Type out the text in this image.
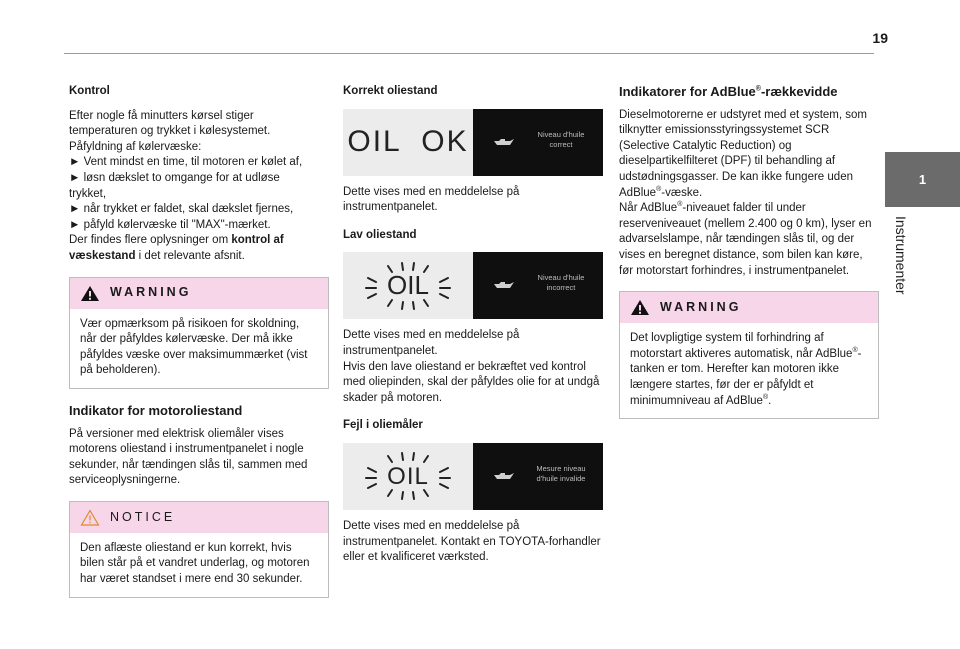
19
1
Instrumenter
Kontrol

Efter nogle få minutters kørsel stiger
temperaturen og trykket i kølesystemet.
Påfyldning af kølervæske:
► Vent mindst en time, til motoren er kølet af,
► løsn dækslet to omgange for at udløse
trykket,
► når trykket er faldet, skal dækslet fjernes,
► påfyld kølervæske til "MAX"-mærket.
Der findes flere oplysninger om kontrol af væskestand i det relevante afsnit.

WARNING

Vær opmærksom på risikoen for skoldning, når der påfyldes kølervæske. Der må ikke påfyldes væske over maksimummærket (vist på beholderen).

Indikator for motoroliestand

På versioner med elektrisk oliemåler vises motorens oliestand i instrumentpanelet i nogle sekunder, når tændingen slås til, sammen med serviceoplysningerne.

NOTICE

Den aflæste oliestand er kun korrekt, hvis bilen står på et vandret underlag, og motoren har været standset i mere end 30 sekunder.

Korrekt oliestand
OIL  OK	Niveau d'huile correct

Dette vises med en meddelelse på instrumentpanelet.

Lav oliestand
OIL	Niveau d'huile incorrect

Dette vises med en meddelelse på instrumentpanelet.

Hvis den lave oliestand er bekræftet ved kontrol med oliepinden, skal der påfyldes olie for at undgå skader på motoren.

Fejl i oliemåler
OIL	Mesure niveau d'huile invalide

Dette vises med en meddelelse på instrumentpanelet. Kontakt en TOYOTA-forhandler eller et kvalificeret værksted.

Indikatorer for AdBlue®-rækkevidde

Dieselmotorerne er udstyret med et system, som tilknytter emissionsstyringssystemet SCR (Selective Catalytic Reduction) og dieselpartikelfilteret (DPF) til behandling af udstødningsgasser. De kan ikke fungere uden AdBlue®-væske.

Når AdBlue®-niveauet falder til under reserveniveauet (mellem 2.400 og 0 km), lyser en advarselslampe, når tændingen slås til, og der vises en beregnet distance, som bilen kan køre, før motorstart forhindres, i instrumentpanelet.

WARNING

Det lovpligtige system til forhindring af motorstart aktiveres automatisk, når AdBlue®-tanken er tom. Herefter kan motoren ikke længere startes, før der er påfyldt et minimumniveau af AdBlue®.
